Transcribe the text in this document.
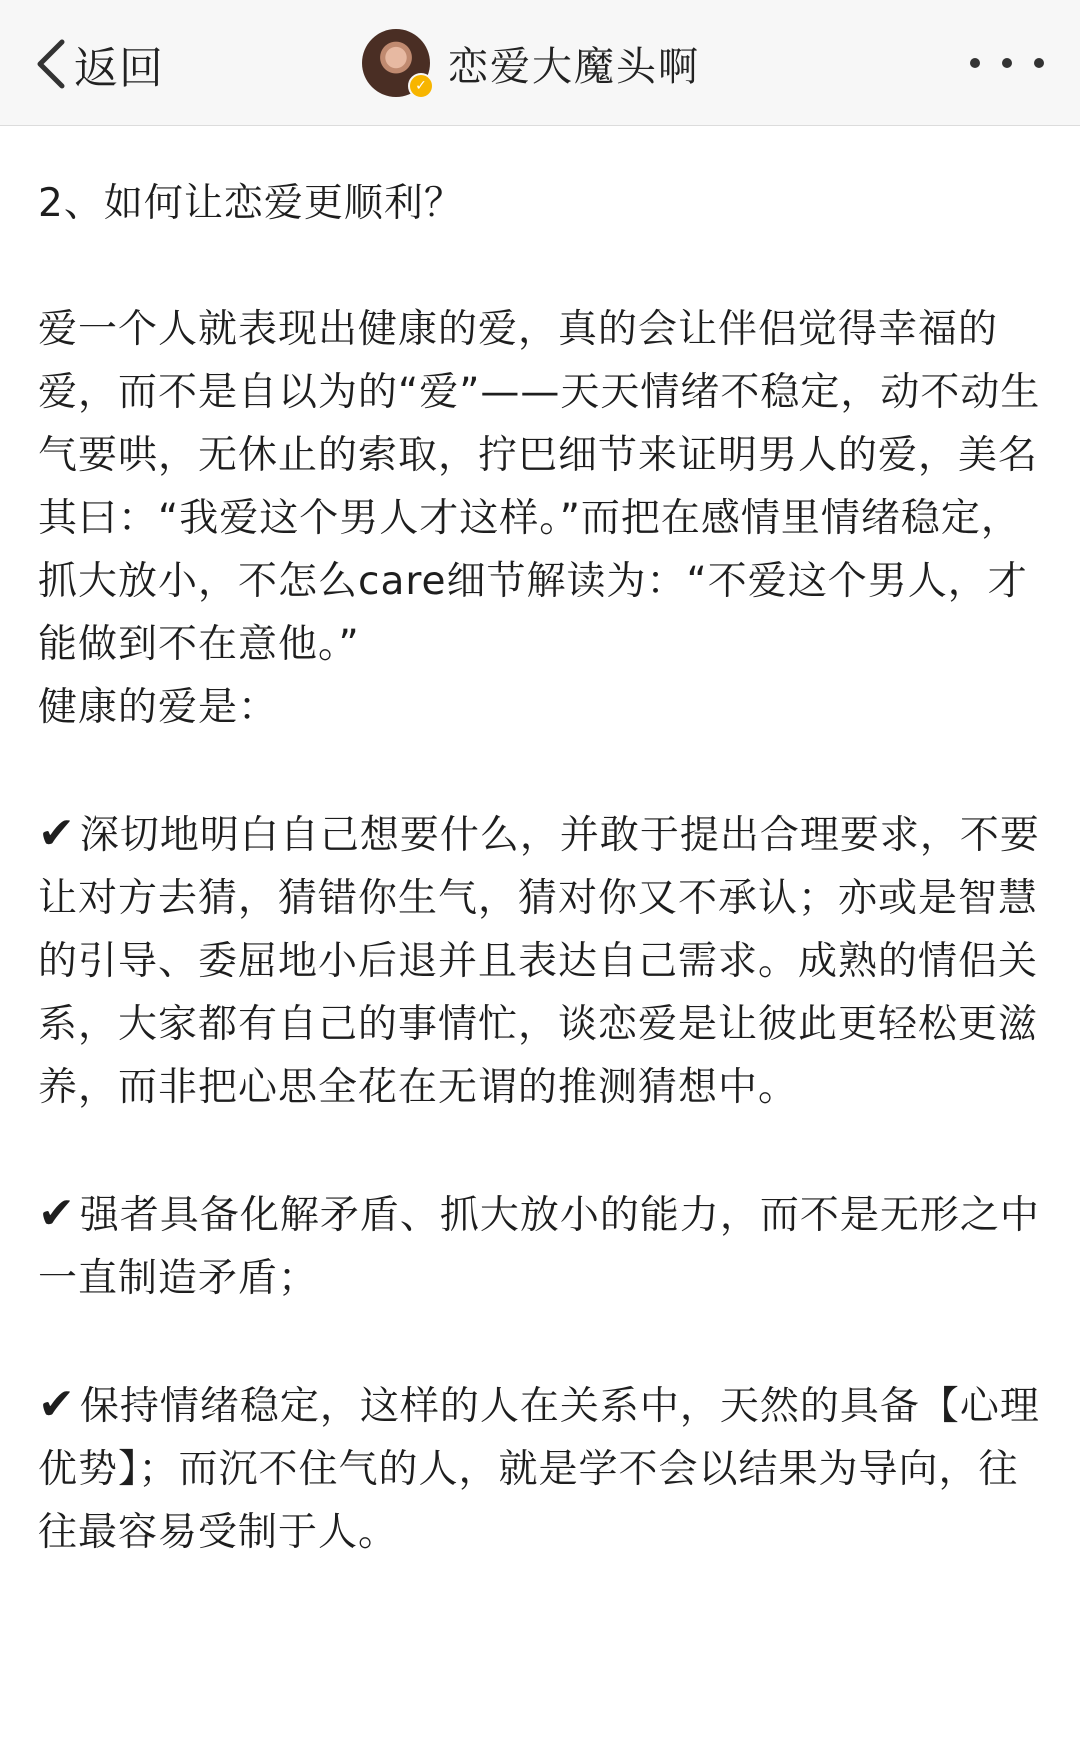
返回	✓ 恋爱大魔头啊

2、如何让恋爱更顺利？

爱一个人就表现出健康的爱，真的会让伴侣觉得幸福的爱，而不是自以为的“爱”——天天情绪不稳定，动不动生气要哄，无休止的索取，拧巴细节来证明男人的爱，美名其曰：“我爱这个男人才这样。”而把在感情里情绪稳定，抓大放小，不怎么care细节解读为：“不爱这个男人，才能做到不在意他。”

健康的爱是：

✔ 深切地明白自己想要什么，并敢于提出合理要求，不要让对方去猜，猜错你生气，猜对你又不承认；亦或是智慧的引导、委屈地小后退并且表达自己需求。成熟的情侣关系，大家都有自己的事情忙，谈恋爱是让彼此更轻松更滋养，而非把心思全花在无谓的推测猜想中。

✔ 强者具备化解矛盾、抓大放小的能力，而不是无形之中一直制造矛盾；

✔ 保持情绪稳定，这样的人在关系中，天然的具备【心理优势】；而沉不住气的人，就是学不会以结果为导向，往往最容易受制于人。
